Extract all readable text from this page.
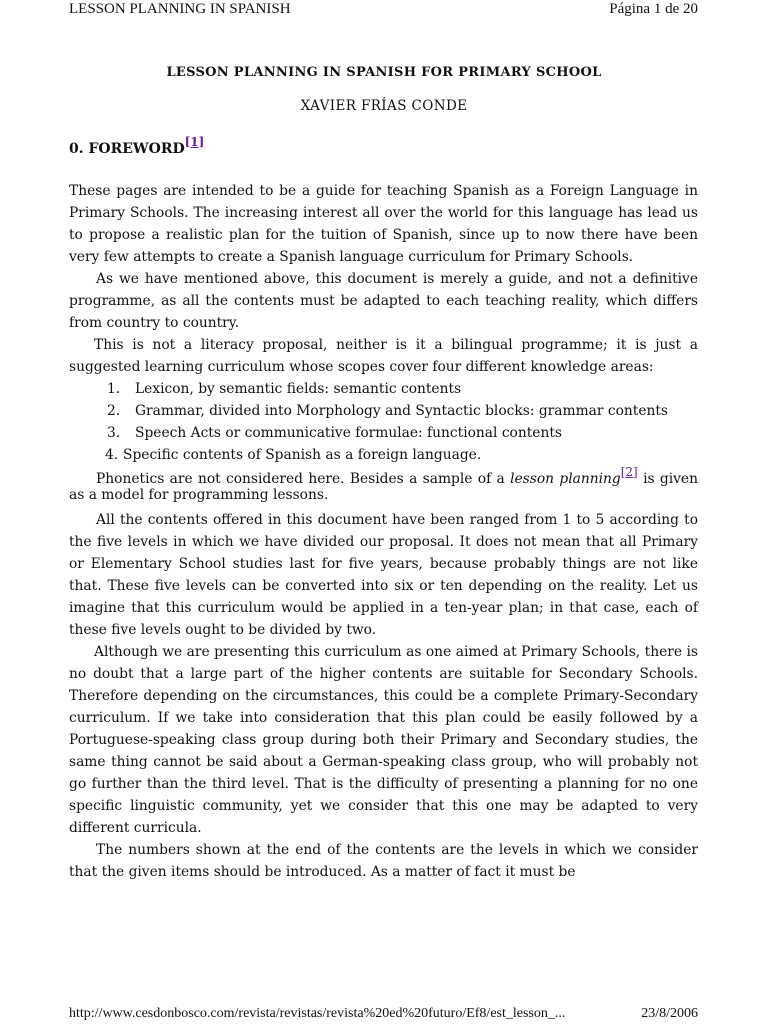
LESSON PLANNING IN SPANISH	Página 1 de 20
LESSON PLANNING IN SPANISH FOR PRIMARY SCHOOL
XAVIER FRÍAS CONDE
0. FOREWORD[1]

These pages are intended to be a guide for teaching Spanish as a Foreign Language in Primary Schools. The increasing interest all over the world for this language has lead us to propose a realistic plan for the tuition of Spanish, since up to now there have been very few attempts to create a Spanish language curriculum for Primary Schools.

As we have mentioned above, this document is merely a guide, and not a definitive programme, as all the contents must be adapted to each teaching reality, which differs from country to country.

This is not a literacy proposal, neither is it a bilingual programme; it is just a suggested learning curriculum whose scopes cover four different knowledge areas:

1.	Lexicon, by semantic fields: semantic contents
2.	Grammar, divided into Morphology and Syntactic blocks: grammar contents
3.	Speech Acts or communicative formulae: functional contents
4. Specific contents of Spanish as a foreign language.

Phonetics are not considered here. Besides a sample of a lesson planning[2] is given as a model for programming lessons.

All the contents offered in this document have been ranged from 1 to 5 according to the five levels in which we have divided our proposal. It does not mean that all Primary or Elementary School studies last for five years, because probably things are not like that. These five levels can be converted into six or ten depending on the reality. Let us imagine that this curriculum would be applied in a ten-year plan; in that case, each of these five levels ought to be divided by two.

Although we are presenting this curriculum as one aimed at Primary Schools, there is no doubt that a large part of the higher contents are suitable for Secondary Schools. Therefore depending on the circumstances, this could be a complete Primary-Secondary curriculum. If we take into consideration that this plan could be easily followed by a Portuguese-speaking class group during both their Primary and Secondary studies, the same thing cannot be said about a German-speaking class group, who will probably not go further than the third level. That is the difficulty of presenting a planning for no one specific linguistic community, yet we consider that this one may be adapted to very different curricula.

The numbers shown at the end of the contents are the levels in which we consider that the given items should be introduced. As a matter of fact it must be

http://www.cesdonbosco.com/revista/revistas/revista%20ed%20futuro/Ef8/est_lesson_...	23/8/2006
